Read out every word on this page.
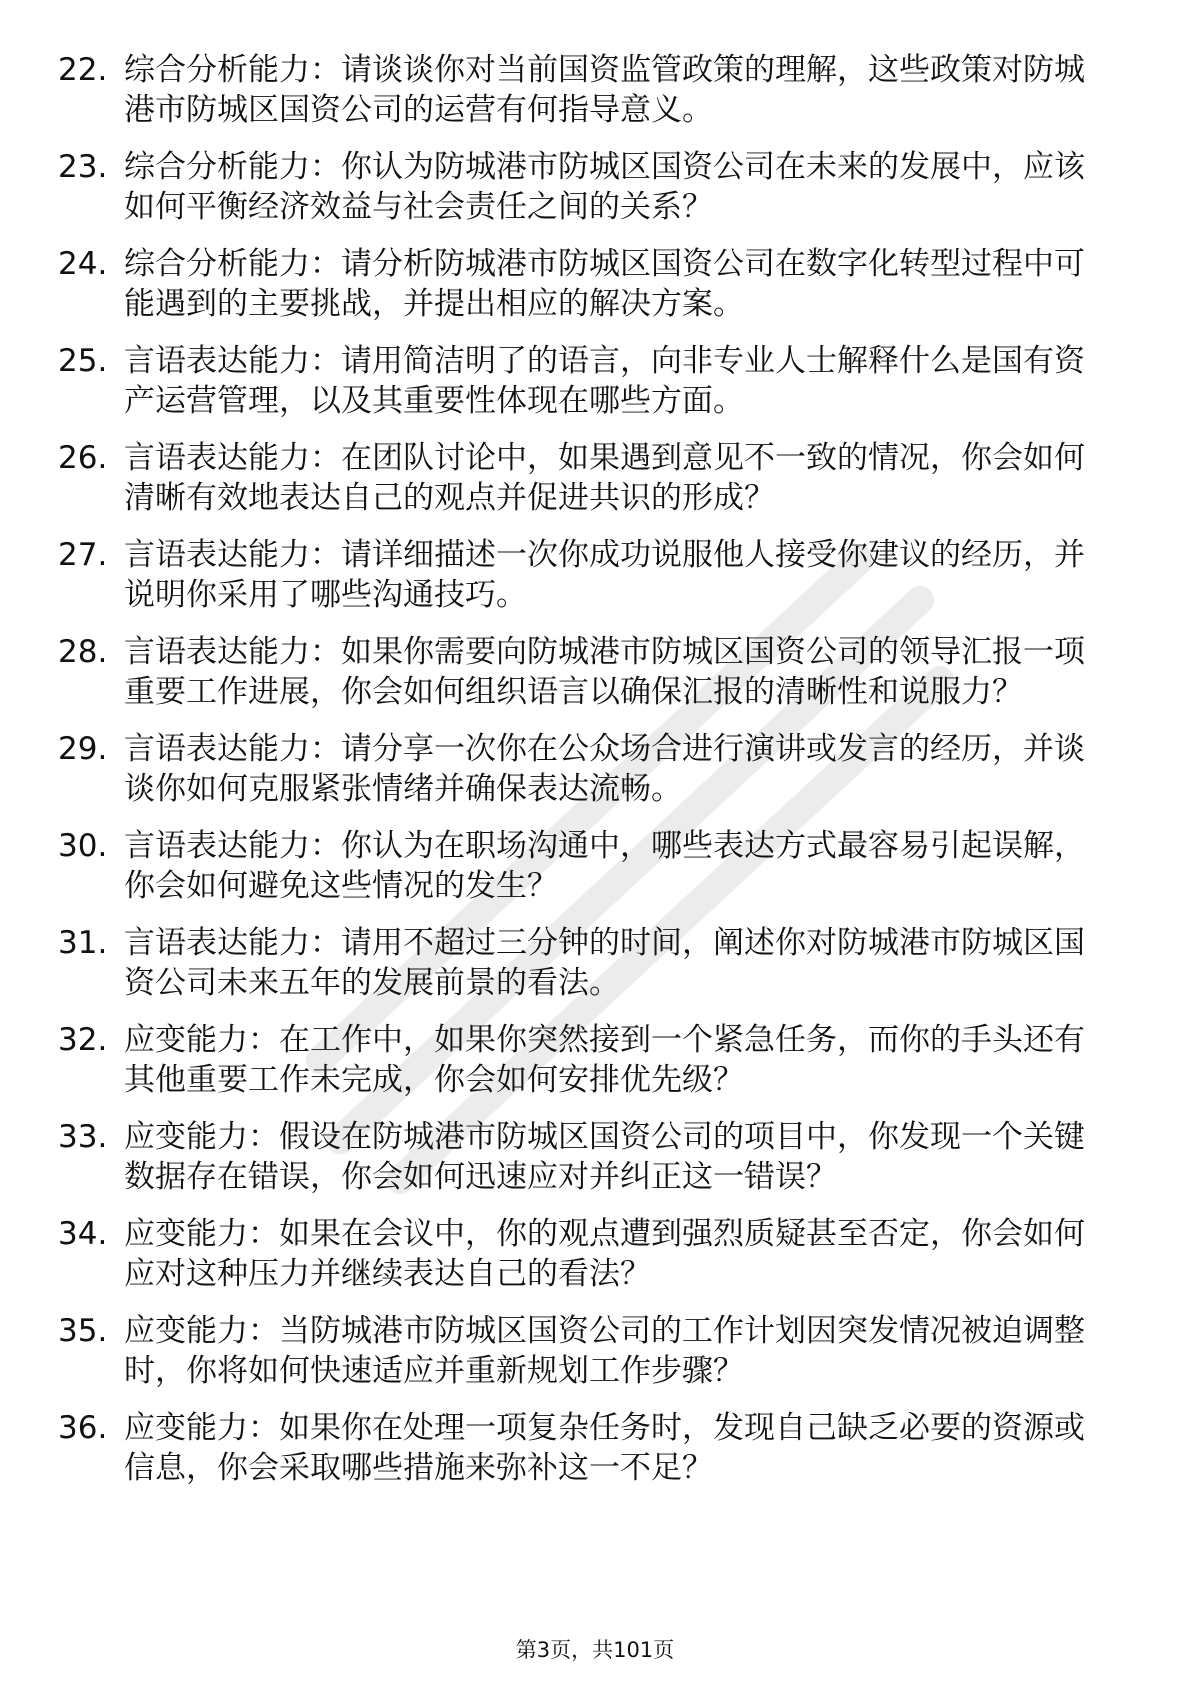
22. 综合分析能力：请谈谈你对当前国资监管政策的理解，这些政策对防城港市防城区国资公司的运营有何指导意义。
23. 综合分析能力：你认为防城港市防城区国资公司在未来的发展中，应该如何平衡经济效益与社会责任之间的关系？
24. 综合分析能力：请分析防城港市防城区国资公司在数字化转型过程中可能遇到的主要挑战，并提出相应的解决方案。
25. 言语表达能力：请用简洁明了的语言，向非专业人士解释什么是国有资产运营管理，以及其重要性体现在哪些方面。
26. 言语表达能力：在团队讨论中，如果遇到意见不一致的情况，你会如何清晰有效地表达自己的观点并促进共识的形成？
27. 言语表达能力：请详细描述一次你成功说服他人接受你建议的经历，并说明你采用了哪些沟通技巧。
28. 言语表达能力：如果你需要向防城港市防城区国资公司的领导汇报一项重要工作进展，你会如何组织语言以确保汇报的清晰性和说服力？
29. 言语表达能力：请分享一次你在公众场合进行演讲或发言的经历，并谈谈你如何克服紧张情绪并确保表达流畅。
30. 言语表达能力：你认为在职场沟通中，哪些表达方式最容易引起误解，你会如何避免这些情况的发生？
31. 言语表达能力：请用不超过三分钟的时间，阐述你对防城港市防城区国资公司未来五年的发展前景的看法。
32. 应变能力：在工作中，如果你突然接到一个紧急任务，而你的手头还有其他重要工作未完成，你会如何安排优先级？
33. 应变能力：假设在防城港市防城区国资公司的项目中，你发现一个关键数据存在错误，你会如何迅速应对并纠正这一错误？
34. 应变能力：如果在会议中，你的观点遭到强烈质疑甚至否定，你会如何应对这种压力并继续表达自己的看法？
35. 应变能力：当防城港市防城区国资公司的工作计划因突发情况被迫调整时，你将如何快速适应并重新规划工作步骤？
36. 应变能力：如果你在处理一项复杂任务时，发现自己缺乏必要的资源或信息，你会采取哪些措施来弥补这一不足？
第3页，共101页
